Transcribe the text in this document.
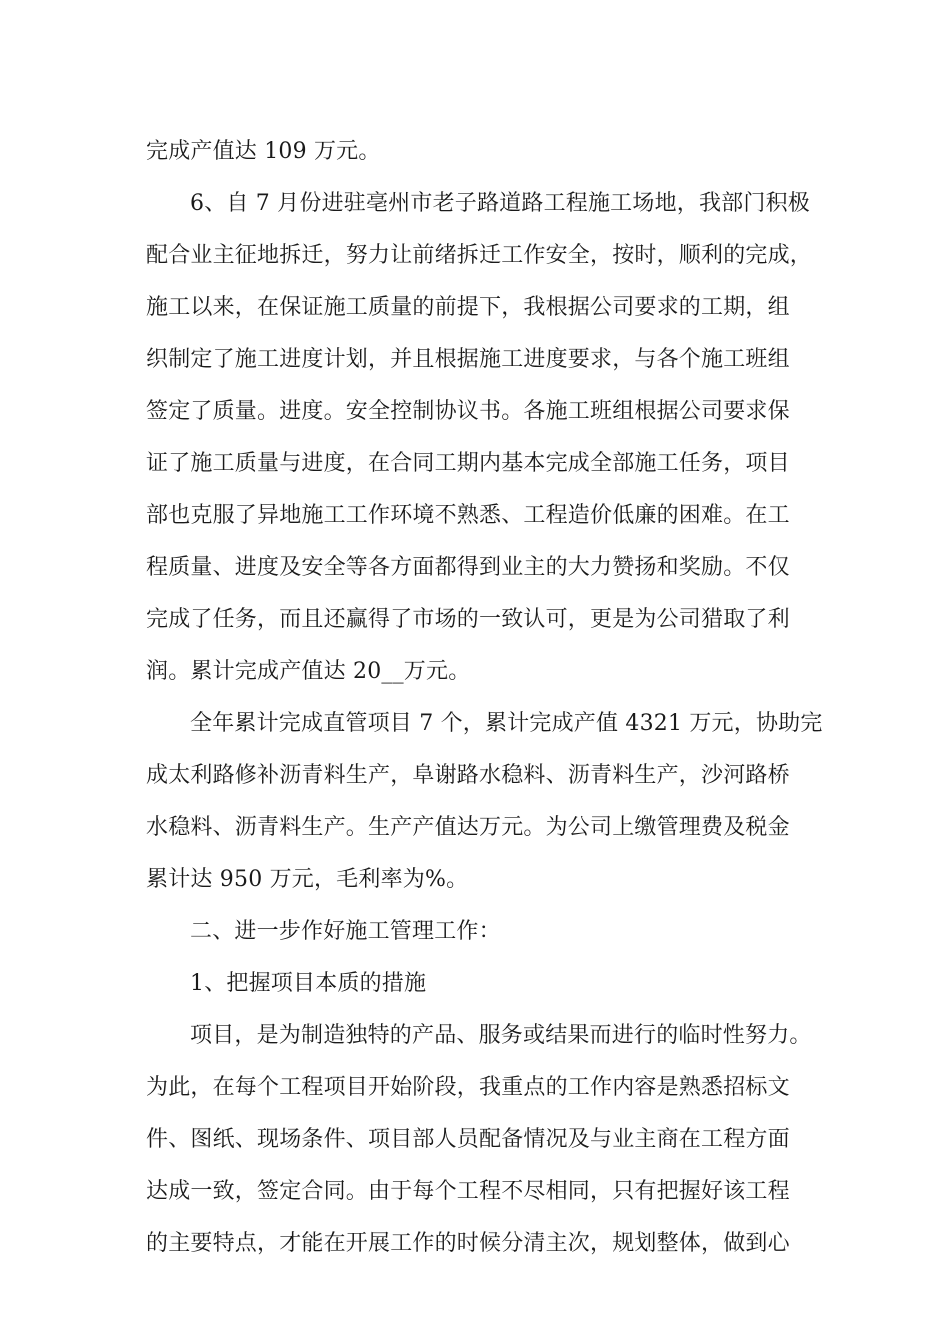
完成产值达 109 万元。
6、自 7 月份进驻亳州市老子路道路工程施工场地，我部门积极
配合业主征地拆迁，努力让前绪拆迁工作安全，按时，顺利的完成，
施工以来，在保证施工质量的前提下，我根据公司要求的工期，组
织制定了施工进度计划，并且根据施工进度要求，与各个施工班组
签定了质量。进度。安全控制协议书。各施工班组根据公司要求保
证了施工质量与进度，在合同工期内基本完成全部施工任务，项目
部也克服了异地施工工作环境不熟悉、工程造价低廉的困难。在工
程质量、进度及安全等各方面都得到业主的大力赞扬和奖励。不仅
完成了任务，而且还赢得了市场的一致认可，更是为公司猎取了利
润。累计完成产值达 20__万元。
全年累计完成直管项目 7 个，累计完成产值 4321 万元，协助完
成太利路修补沥青料生产，阜谢路水稳料、沥青料生产，沙河路桥
水稳料、沥青料生产。生产产值达万元。为公司上缴管理费及税金
累计达 950 万元，毛利率为%。
二、进一步作好施工管理工作：
1、把握项目本质的措施
项目，是为制造独特的产品、服务或结果而进行的临时性努力。
为此，在每个工程项目开始阶段，我重点的工作内容是熟悉招标文
件、图纸、现场条件、项目部人员配备情况及与业主商在工程方面
达成一致，签定合同。由于每个工程不尽相同，只有把握好该工程
的主要特点，才能在开展工作的时候分清主次，规划整体，做到心
